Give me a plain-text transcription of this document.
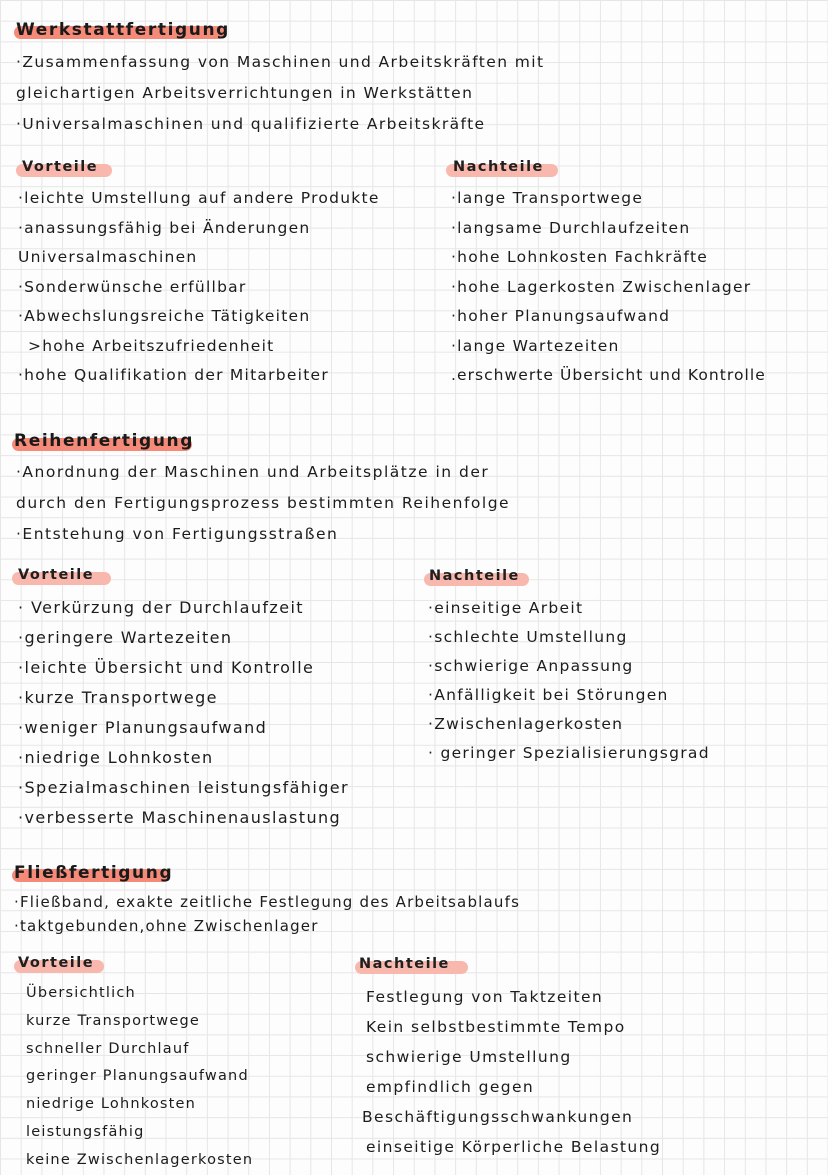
Werkstattfertigung
·Zusammenfassung von Maschinen und Arbeitskräften mit
gleichartigen Arbeitsverrichtungen in Werkstätten
·Universalmaschinen und qualifizierte Arbeitskräfte
Vorteile	Nachteile
·leichte Umstellung auf andere Produkte
·anassungsfähig bei Änderungen
Universalmaschinen
·Sonderwünsche erfüllbar
·Abwechslungsreiche Tätigkeiten
>hohe Arbeitszufriedenheit
·hohe Qualifikation der Mitarbeiter
·lange Transportwege
·langsame Durchlaufzeiten
·hohe Lohnkosten Fachkräfte
·hohe Lagerkosten Zwischenlager
·hoher Planungsaufwand
·lange Wartezeiten
.erschwerte Übersicht und Kontrolle
Reihenfertigung
·Anordnung der Maschinen und Arbeitsplätze in der
durch den Fertigungsprozess bestimmten Reihenfolge
·Entstehung von Fertigungsstraßen
Vorteile	Nachteile
· Verkürzung der Durchlaufzeit
·geringere Wartezeiten
·leichte Übersicht und Kontrolle
·kurze Transportwege
·weniger Planungsaufwand
·niedrige Lohnkosten
·Spezialmaschinen leistungsfähiger
·verbesserte Maschinenauslastung
·einseitige Arbeit
·schlechte Umstellung
·schwierige Anpassung
·Anfälligkeit bei Störungen
·Zwischenlagerkosten
· geringer Spezialisierungsgrad
Fließfertigung
·Fließband, exakte zeitliche Festlegung des Arbeitsablaufs
·taktgebunden,ohne Zwischenlager
Vorteile	Nachteile
Übersichtlich
kurze Transportwege
schneller Durchlauf
geringer Planungsaufwand
niedrige Lohnkosten
leistungsfähig
keine Zwischenlagerkosten
Festlegung von Taktzeiten
Kein selbstbestimmte Tempo
schwierige Umstellung
empfindlich gegen
Beschäftigungsschwankungen
einseitige Körperliche Belastung
